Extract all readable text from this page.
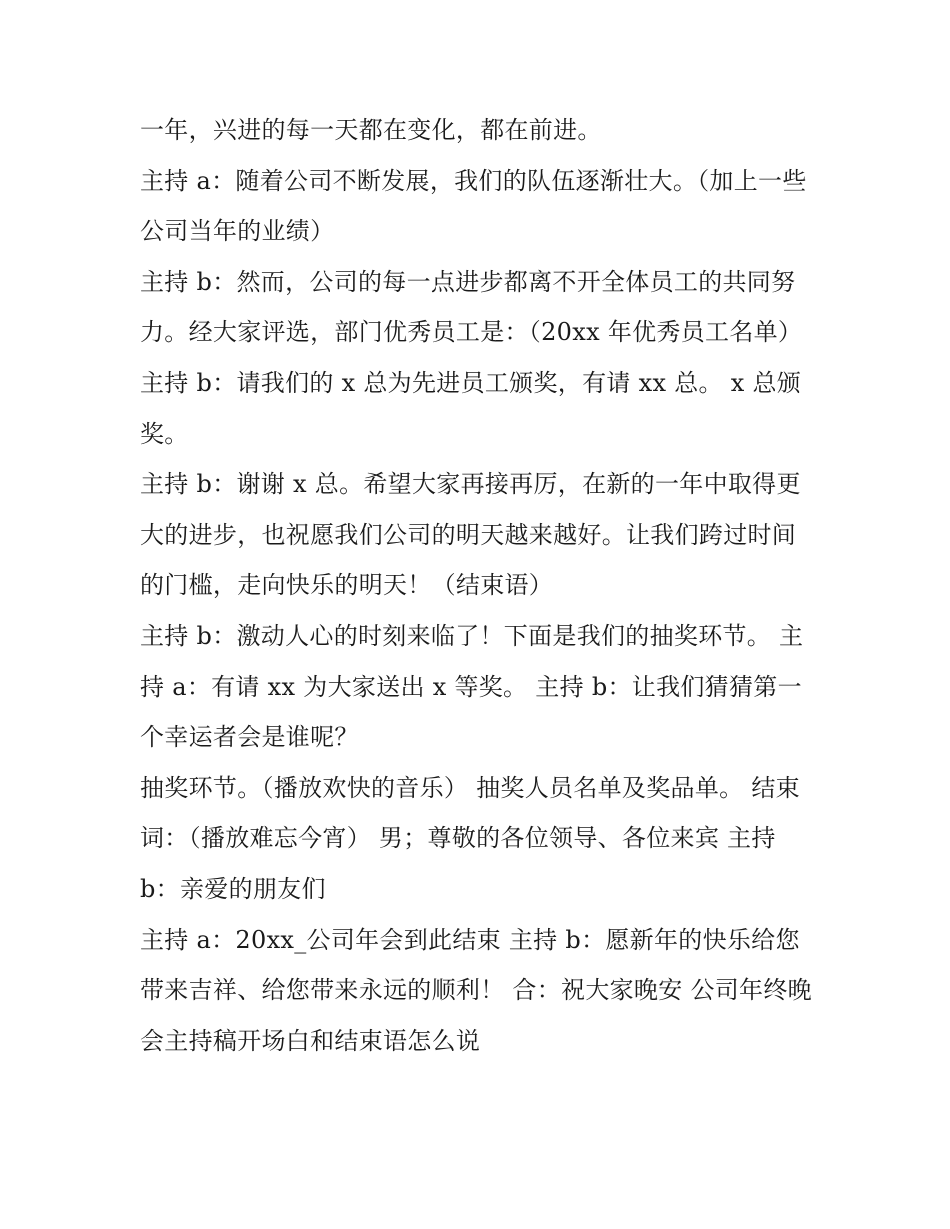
一年，兴进的每一天都在变化，都在前进。

主持 a：随着公司不断发展，我们的队伍逐渐壮大。（加上一些公司当年的业绩）

主持 b：然而，公司的每一点进步都离不开全体员工的共同努力。经大家评选，部门优秀员工是：（20xx 年优秀员工名单）

主持 b：请我们的 x 总为先进员工颁奖，有请 xx 总。 x 总颁奖。

主持 b：谢谢 x 总。希望大家再接再厉，在新的一年中取得更大的进步，也祝愿我们公司的明天越来越好。让我们跨过时间的门槛，走向快乐的明天！（结束语）

主持 b：激动人心的时刻来临了！下面是我们的抽奖环节。 主持 a：有请 xx 为大家送出 x 等奖。 主持 b：让我们猜猜第一个幸运者会是谁呢？

抽奖环节。（播放欢快的音乐） 抽奖人员名单及奖品单。 结束词：（播放难忘今宵） 男；尊敬的各位领导、各位来宾 主持 b：亲爱的朋友们

主持 a：20xx_公司年会到此结束 主持 b：愿新年的快乐给您带来吉祥、给您带来永远的顺利！ 合：祝大家晚安 公司年终晚会主持稿开场白和结束语怎么说
